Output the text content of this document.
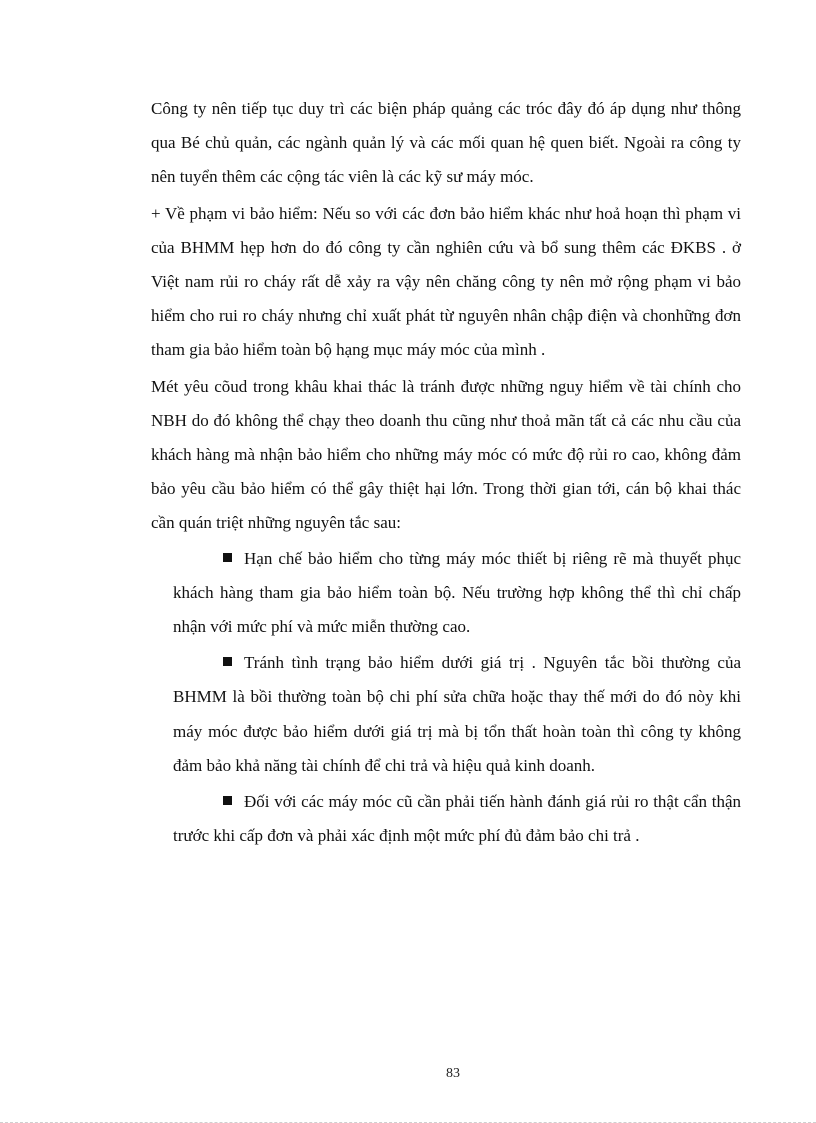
Công ty nên tiếp tục duy trì các biện pháp quảng các tróc đây đó áp dụng như thông qua Bé chủ quản, các ngành quản lý và các mối quan hệ quen biết. Ngoài ra công ty nên tuyển thêm các cộng tác viên là các kỹ sư máy móc.

+ Về phạm vi bảo hiểm: Nếu so với các đơn bảo hiểm khác như hoả hoạn thì phạm vi của BHMM hẹp hơn do đó công ty cần nghiên cứu và bổ sung thêm các ĐKBS . ở Việt nam rủi ro cháy rất dễ xảy ra vậy nên chăng công ty nên mở rộng phạm vi bảo hiểm cho rui ro cháy nhưng chỉ xuất phát từ nguyên nhân chập điện và chonhững đơn tham gia bảo hiểm toàn bộ hạng mục máy móc của mình .

Mét yêu cõud trong khâu khai thác là tránh được những nguy hiểm về tài chính cho NBH do đó không thể chạy theo doanh thu cũng như thoả mãn tất cả các nhu cầu của khách hàng mà nhận bảo hiểm cho những máy móc có mức độ rủi ro cao, không đảm bảo yêu cầu bảo hiểm có thể gây thiệt hại lớn. Trong thời gian tới, cán bộ khai thác cần quán triệt những nguyên tắc sau:

Hạn chế bảo hiểm cho từng máy móc thiết bị riêng rẽ mà thuyết phục khách hàng tham gia bảo hiểm toàn bộ. Nếu trường hợp không thể thì chỉ chấp nhận với mức phí và mức miễn thường cao.

Tránh tình trạng bảo hiểm dưới giá trị . Nguyên tắc bồi thường của BHMM là bồi thường toàn bộ chi phí sửa chữa hoặc thay thế mới do đó nòy khi máy móc được bảo hiểm dưới giá trị mà bị tổn thất hoàn toàn thì công ty không đảm bảo khả năng tài chính để chi trả và hiệu quả kinh doanh.

Đối với các máy móc cũ cần phải tiến hành đánh giá rủi ro thật cẩn thận trước khi cấp đơn và phải xác định một mức phí đủ đảm bảo chi trả .

83
